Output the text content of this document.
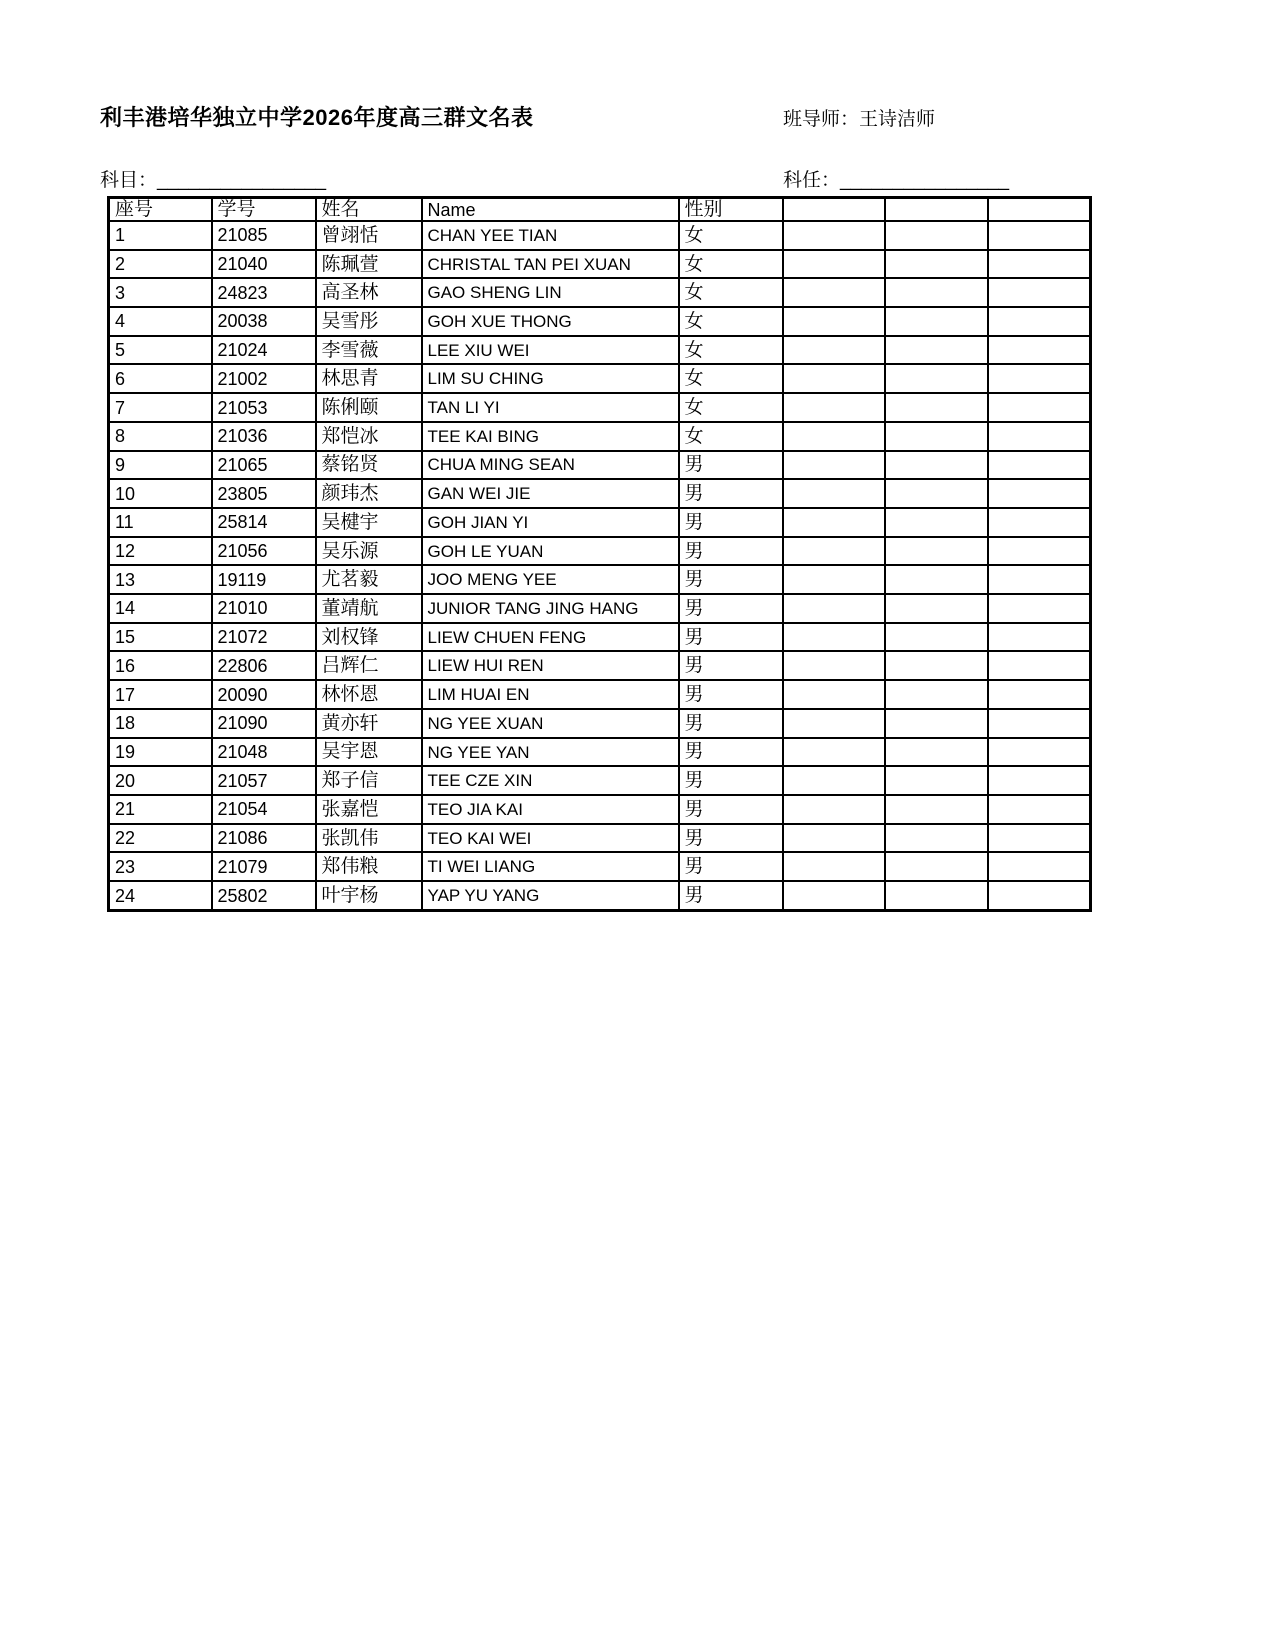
利丰港培华独立中学2026年度高三群文名表	班导师：王诗洁师
科目：________________	科任：________________
座号	学号	姓名	Name	性别			
1	21085	曾翊恬	CHAN YEE TIAN	女			
2	21040	陈珮萱	CHRISTAL TAN PEI XUAN	女			
3	24823	高圣林	GAO SHENG LIN	女			
4	20038	吴雪彤	GOH XUE THONG	女			
5	21024	李雪薇	LEE XIU WEI	女			
6	21002	林思青	LIM SU CHING	女			
7	21053	陈俐颐	TAN LI YI	女			
8	21036	郑恺冰	TEE KAI BING	女			
9	21065	蔡铭贤	CHUA MING SEAN	男			
10	23805	颜玮杰	GAN WEI JIE	男			
11	25814	吴楗宇	GOH JIAN YI	男			
12	21056	吴乐源	GOH LE YUAN	男			
13	19119	尤茗毅	JOO MENG YEE	男			
14	21010	董靖航	JUNIOR TANG JING HANG	男			
15	21072	刘权锋	LIEW CHUEN FENG	男			
16	22806	吕辉仁	LIEW HUI REN	男			
17	20090	林怀恩	LIM HUAI EN	男			
18	21090	黄亦轩	NG YEE XUAN	男			
19	21048	吴宇恩	NG YEE YAN	男			
20	21057	郑子信	TEE CZE XIN	男			
21	21054	张嘉恺	TEO JIA KAI	男			
22	21086	张凯伟	TEO KAI WEI	男			
23	21079	郑伟粮	TI WEI LIANG	男			
24	25802	叶宇杨	YAP YU YANG	男			
